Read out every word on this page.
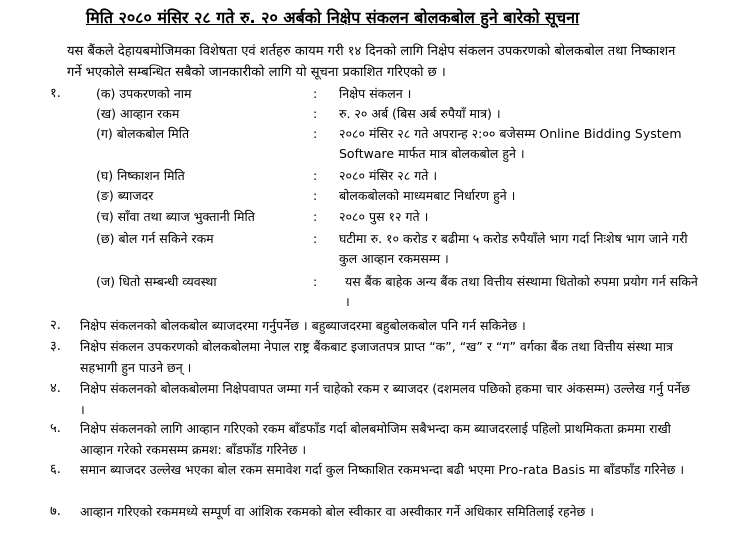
मिति २०८० मंसिर २८ गते रु. २० अर्बको निक्षेप संकलन बोलकबोल हुने बारेको सूचना
यस बैंकले देहायबमोजिमका विशेषता एवं शर्तहरु कायम गरी १४ दिनको लागि निक्षेप संकलन उपकरणको बोलकबोल तथा निष्काशन गर्ने भएकोले सम्बन्धित सबैको जानकारीको लागि यो सूचना प्रकाशित गरिएको छ ।
१.	(क) उपकरणको नाम	: निक्षेप संकलन ।
(ख) आव्हान रकम	: रु. २० अर्ब (बिस अर्ब रुपैयाँ मात्र) ।
(ग) बोलकबोल मिति	: २०८० मंसिर २८ गते अपरान्ह २:०० बजेसम्म Online Bidding System Software मार्फत मात्र बोलकबोल हुने ।
(घ) निष्काशन मिति	: २०८० मंसिर २८ गते ।
(ङ) ब्याजदर	: बोलकबोलको माध्यमबाट निर्धारण हुने ।
(च) साँवा तथा ब्याज भुक्तानी मिति	: २०८० पुस १२ गते ।
(छ) बोल गर्न सकिने रकम	: घटीमा रु. १० करोड र बढीमा ५ करोड रुपैयाँले भाग गर्दा निःशेष भाग जाने गरी कुल आव्हान रकमसम्म ।
(ज) धितो सम्बन्धी व्यवस्था	: यस बैंक बाहेक अन्य बैंक तथा वित्तीय संस्थामा धितोको रुपमा प्रयोग गर्न सकिने ।
२. निक्षेप संकलनको बोलकबोल ब्याजदरमा गर्नुपर्नेछ । बहुब्याजदरमा बहुबोलकबोल पनि गर्न सकिनेछ ।
३. निक्षेप संकलन उपकरणको बोलकबोलमा नेपाल राष्ट्र बैंकबाट इजाजतपत्र प्राप्त “क”, “ख” र “ग” वर्गका बैंक तथा वित्तीय संस्था मात्र सहभागी हुन पाउने छन् ।
४. निक्षेप संकलनको बोलकबोलमा निक्षेपवापत जम्मा गर्न चाहेको रकम र ब्याजदर (दशमलव पछिको हकमा चार अंकसम्म) उल्लेख गर्नु पर्नेछ ।
५. निक्षेप संकलनको लागि आव्हान गरिएको रकम बाँडफाँड गर्दा बोलबमोजिम सबैभन्दा कम ब्याजदरलाई पहिलो प्राथमिकता क्रममा राखी आव्हान गरेको रकमसम्म क्रमश: बाँडफाँड गरिनेछ ।
६. समान ब्याजदर उल्लेख भएका बोल रकम समावेश गर्दा कुल निष्काशित रकमभन्दा बढी भएमा Pro-rata Basis मा बाँडफाँड गरिनेछ ।
७. आव्हान गरिएको रकममध्ये सम्पूर्ण वा आंशिक रकमको बोल स्वीकार वा अस्वीकार गर्ने अधिकार समितिलाई रहनेछ ।
